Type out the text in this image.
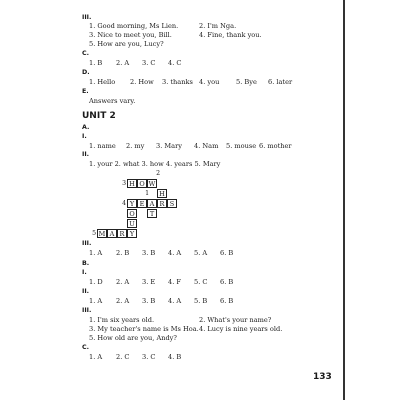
III.
1. Good morning, Ms Lien.	2. I'm Nga.
3. Nice to meet you, Bill.	4. Fine, thank you.
5. How are you, Lucy?
C.
1. B 2. A 3. C 4. C
D.
1. Hello 2. How 3. thanks 4. you	5. Bye 6. later
E.
Answers vary.
UNIT 2
A.
I.
1. name 2. my 3. Mary 4. Nam 5. mouse 6. mother
II.
1. your 2. what 3. how 4. years 5. Mary
2
3
1
4
5
H O W
H
Y E A R S
O	T
U
M A R Y
III.
1. A 2. B 3. B 4. A 5. A 6. B
B.
I.
1. D 2. A 3. E 4. F 5. C 6. B
II.
1. A 2. A 3. B 4. A 5. B 6. B
III.
1. I'm six years old.	2. What's your name?
3. My teacher's name is Ms Hoa. 4. Lucy is nine years old.
5. How old are you, Andy?
C.
1. A 2. C 3. C 4. B
133
